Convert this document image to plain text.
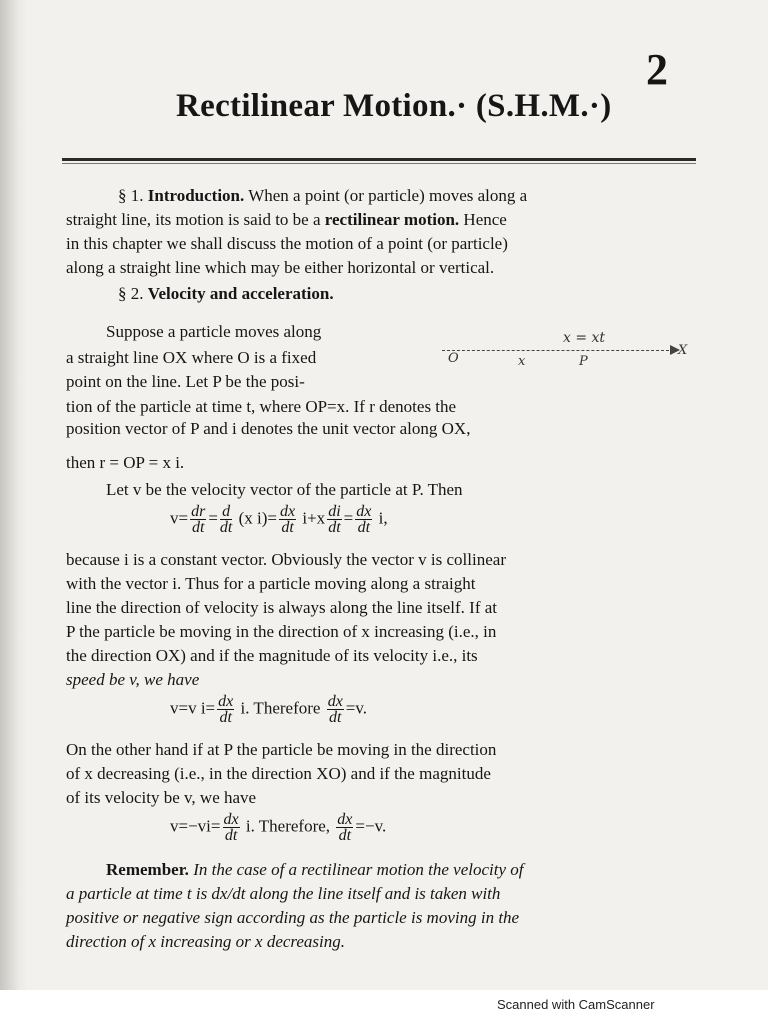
2
Rectilinear Motion.· (S.H.M.·)
§ 1. Introduction. When a point (or particle) moves along a
straight line, its motion is said to be a rectilinear motion. Hence
in this chapter we shall discuss the motion of a point (or particle)
along a straight line which may be either horizontal or vertical.
§ 2. Velocity and acceleration.
O	x	P
X
x = xt
Suppose a particle moves along
a straight line OX where O is a fixed
point on the line. Let P be the posi-
tion of the particle at time t, where OP=x. If r denotes the
position vector of P and i denotes the unit vector along OX,
then r = OP = x i.
Let v be the velocity vector of the particle at P. Then
$v= \frac{dr}{dt} = \frac{d}{dt} (x$ $i)= \frac{dx}{dt} i+x \frac{di}{dt} = \frac{dx}{dt} i$,
because i is a constant vector. Obviously the vector v is collinear
with the vector i. Thus for a particle moving along a straight
line the direction of velocity is always along the line itself. If at
P the particle be moving in the direction of x increasing (i.e., in
the direction OX) and if the magnitude of its velocity i.e., its
speed be v, we have
v=v $i= \frac{dx}{dt} i$. Therefore $\frac{dx}{dt} =v$.
On the other hand if at P the particle be moving in the direction
of x decreasing (i.e., in the direction XO) and if the magnitude
of its velocity be v, we have
$v=-vi= \frac{dx}{dt} i$. Therefore, $\frac{dx}{dt} =-v$.
Remember. In the case of a rectilinear motion the velocity of
a particle at time t is dx/dt along the line itself and is taken with
positive or negative sign according as the particle is moving in the
direction of x increasing or x decreasing.
Scanned with CamScanner
